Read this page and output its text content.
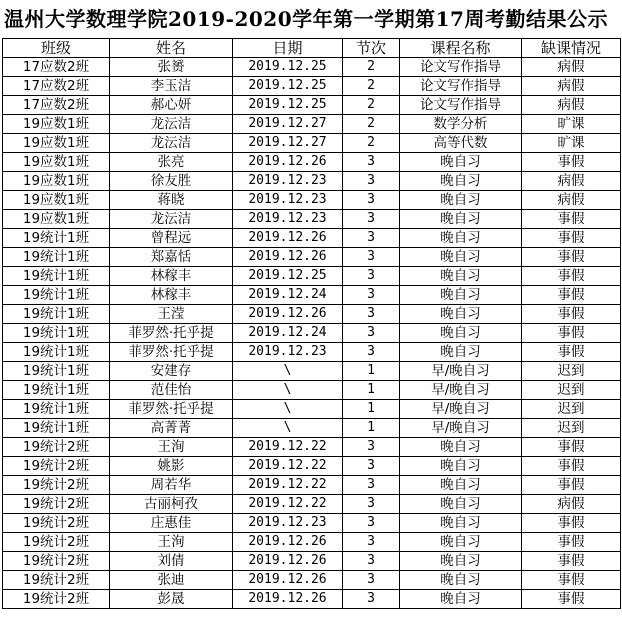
温州大学数理学院2019-2020学年第一学期第17周考勤结果公示
班级	姓名	日期	节次	课程名称	缺课情况
17应数2班	张赟	2019.12.25	2	论文写作指导	病假
17应数2班	李玉洁	2019.12.25	2	论文写作指导	病假
17应数2班	郝心妍	2019.12.25	2	论文写作指导	病假
19应数1班	龙沄洁	2019.12.27	2	数学分析	旷课
19应数1班	龙沄洁	2019.12.27	2	高等代数	旷课
19应数1班	张亮	2019.12.26	3	晚自习	事假
19应数1班	徐友胜	2019.12.23	3	晚自习	病假
19应数1班	蒋晓	2019.12.23	3	晚自习	病假
19应数1班	龙沄洁	2019.12.23	3	晚自习	事假
19统计1班	曾程远	2019.12.26	3	晚自习	事假
19统计1班	郑嘉恬	2019.12.26	3	晚自习	事假
19统计1班	林稼丰	2019.12.25	3	晚自习	事假
19统计1班	林稼丰	2019.12.24	3	晚自习	事假
19统计1班	王滢	2019.12.26	3	晚自习	事假
19统计1班	菲罗然·托乎提	2019.12.24	3	晚自习	事假
19统计1班	菲罗然·托乎提	2019.12.23	3	晚自习	事假
19统计1班	安建存	\	1	早/晚自习	迟到
19统计1班	范佳怡	\	1	早/晚自习	迟到
19统计1班	菲罗然·托乎提	\	1	早/晚自习	迟到
19统计1班	高菁菁	\	1	早/晚自习	迟到
19统计2班	王洵	2019.12.22	3	晚自习	事假
19统计2班	姚影	2019.12.22	3	晚自习	事假
19统计2班	周若华	2019.12.22	3	晚自习	事假
19统计2班	古丽柯孜	2019.12.22	3	晚自习	病假
19统计2班	庄惠佳	2019.12.23	3	晚自习	事假
19统计2班	王洵	2019.12.26	3	晚自习	事假
19统计2班	刘倩	2019.12.26	3	晚自习	事假
19统计2班	张迪	2019.12.26	3	晚自习	事假
19统计2班	彭晟	2019.12.26	3	晚自习	事假
